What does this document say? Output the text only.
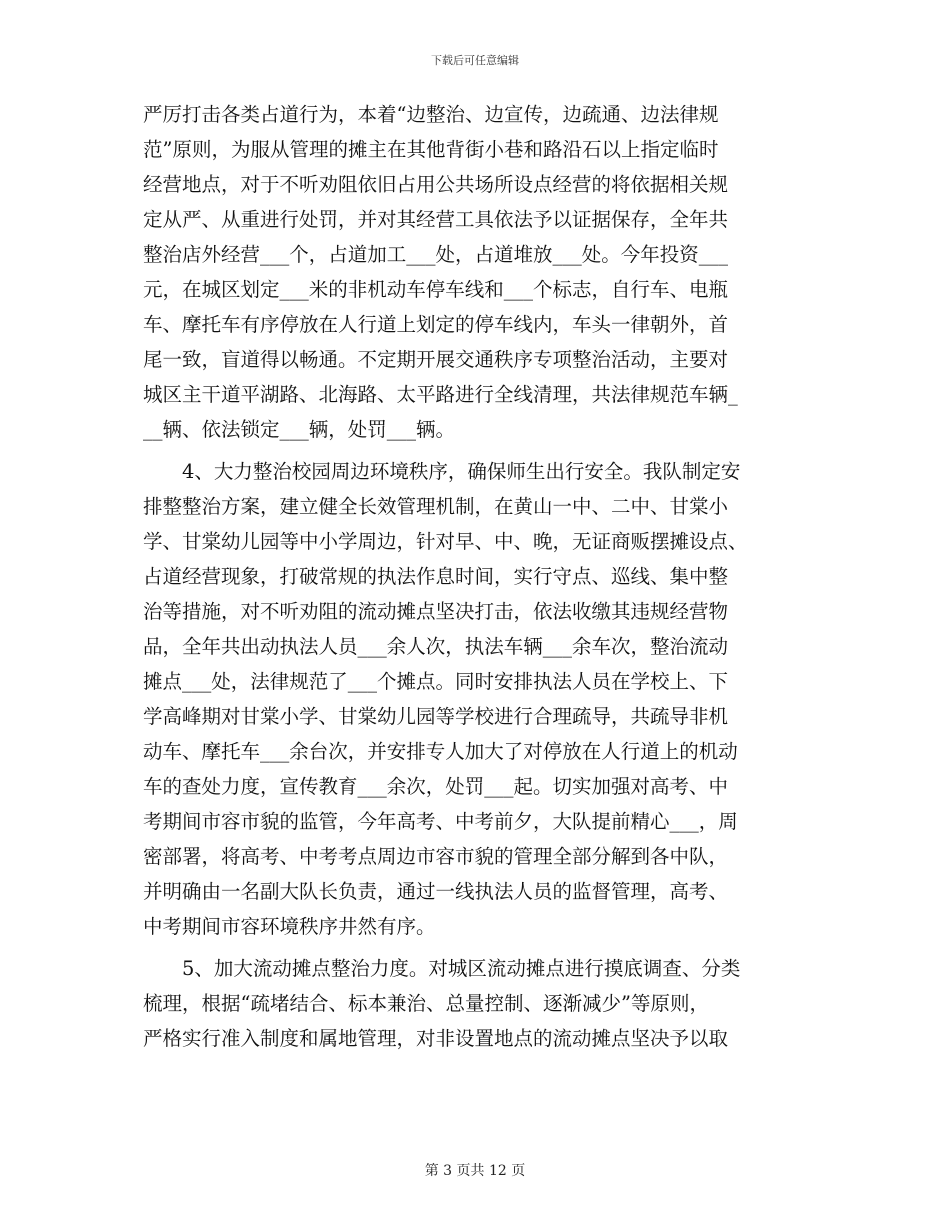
下载后可任意编辑
严厉打击各类占道行为，本着“边整治、边宣传，边疏通、边法律规
范”原则，为服从管理的摊主在其他背街小巷和路沿石以上指定临时
经营地点，对于不听劝阻依旧占用公共场所设点经营的将依据相关规
定从严、从重进行处罚，并对其经营工具依法予以证据保存，全年共
整治店外经营___个，占道加工___处，占道堆放___处。今年投资___
元，在城区划定___米的非机动车停车线和___个标志，自行车、电瓶
车、摩托车有序停放在人行道上划定的停车线内，车头一律朝外，首
尾一致，盲道得以畅通。不定期开展交通秩序专项整治活动，主要对
城区主干道平湖路、北海路、太平路进行全线清理，共法律规范车辆_
__辆、依法锁定___辆，处罚___辆。
4、大力整治校园周边环境秩序，确保师生出行安全。我队制定安
排整整治方案，建立健全长效管理机制，在黄山一中、二中、甘棠小
学、甘棠幼儿园等中小学周边，针对早、中、晚，无证商贩摆摊设点、
占道经营现象，打破常规的执法作息时间，实行守点、巡线、集中整
治等措施，对不听劝阻的流动摊点坚决打击，依法收缴其违规经营物
品，全年共出动执法人员___余人次，执法车辆___余车次，整治流动
摊点___处，法律规范了___个摊点。同时安排执法人员在学校上、下
学高峰期对甘棠小学、甘棠幼儿园等学校进行合理疏导，共疏导非机
动车、摩托车___余台次，并安排专人加大了对停放在人行道上的机动
车的查处力度，宣传教育___余次，处罚___起。切实加强对高考、中
考期间市容市貌的监管，今年高考、中考前夕，大队提前精心___，周
密部署，将高考、中考考点周边市容市貌的管理全部分解到各中队，
并明确由一名副大队长负责，通过一线执法人员的监督管理，高考、
中考期间市容环境秩序井然有序。
5、加大流动摊点整治力度。对城区流动摊点进行摸底调查、分类
梳理，根据“疏堵结合、标本兼治、总量控制、逐渐减少”等原则，
严格实行准入制度和属地管理，对非设置地点的流动摊点坚决予以取
第 3 页共 12 页
